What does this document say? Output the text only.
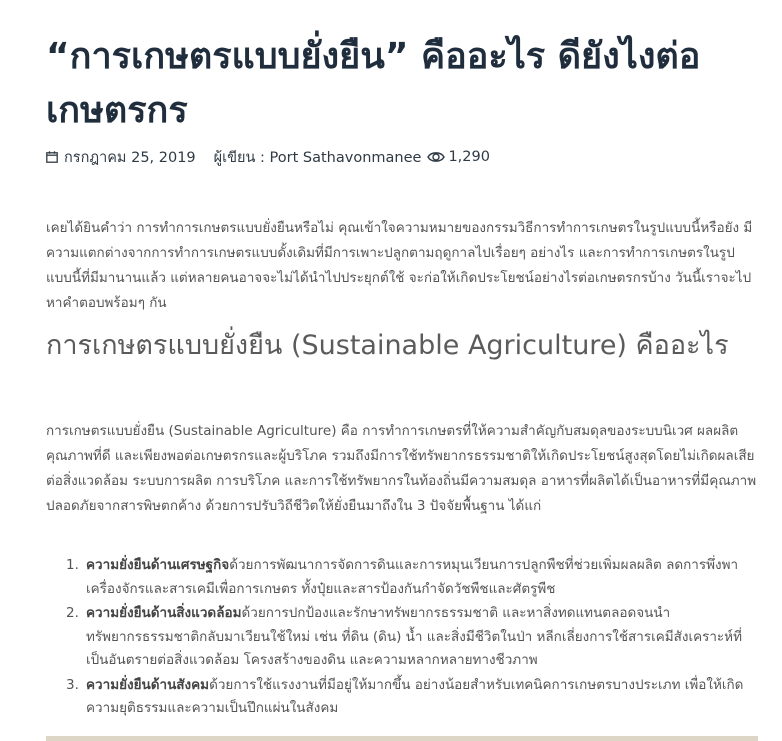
“การเกษตรแบบยั่งยืน” คืออะไร ดียังไงต่อเกษตรกร
กรกฎาคม 25, 2019 ผู้เขียน : Port Sathavonmanee 1,290

เคยได้ยินคำว่า การทำการเกษตรแบบยั่งยืนหรือไม่ คุณเข้าใจความหมายของกรรมวิธีการทำการเกษตรในรูปแบบนี้หรือยัง มีความแตกต่างจากการทำการเกษตรแบบดั้งเดิมที่มีการเพาะปลูกตามฤดูกาลไปเรื่อยๆ อย่างไร และการทำการเกษตรในรูปแบบนี้ที่มีมานานแล้ว แต่หลายคนอาจจะไม่ได้นำไปประยุกต์ใช้ จะก่อให้เกิดประโยชน์อย่างไรต่อเกษตรกรบ้าง วันนี้เราจะไปหาคำตอบพร้อมๆ กัน

การเกษตรแบบยั่งยืน (Sustainable Agriculture) คืออะไร

การเกษตรแบบยั่งยืน (Sustainable Agriculture) คือ การทำการเกษตรที่ให้ความสำคัญกับสมดุลของระบบนิเวศ ผลผลิต คุณภาพที่ดี และเพียงพอต่อเกษตรกรและผู้บริโภค รวมถึงมีการใช้ทรัพยากรธรรมชาติให้เกิดประโยชน์สูงสุดโดยไม่เกิดผลเสียต่อสิ่งแวดล้อม ระบบการผลิต การบริโภค และการใช้ทรัพยากรในท้องถิ่นมีความสมดุล อาหารที่ผลิตได้เป็นอาหารที่มีคุณภาพปลอดภัยจากสารพิษตกค้าง ด้วยการปรับวิถีชีวิตให้ยั่งยืนมาถึงใน 3 ปัจจัยพื้นฐาน ได้แก่

1. ความยั่งยืนด้านเศรษฐกิจด้วยการพัฒนาการจัดการดินและการหมุนเวียนการปลูกพืชที่ช่วยเพิ่มผลผลิต ลดการพึ่งพาเครื่องจักรและสารเคมีเพื่อการเกษตร ทั้งปุ๋ยและสารป้องกันกำจัดวัชพืชและศัตรูพืช
2. ความยั่งยืนด้านสิ่งแวดล้อมด้วยการปกป้องและรักษาทรัพยากรธรรมชาติ และหาสิ่งทดแทนตลอดจนนำทรัพยากรธรรมชาติกลับมาเวียนใช้ใหม่ เช่น ที่ดิน (ดิน) น้ำ และสิ่งมีชีวิตในป่า หลีกเลี่ยงการใช้สารเคมีสังเคราะห์ที่เป็นอันตรายต่อสิ่งแวดล้อม โครงสร้างของดิน และความหลากหลายทางชีวภาพ
3. ความยั่งยืนด้านสังคมด้วยการใช้แรงงานที่มีอยู่ให้มากขึ้น อย่างน้อยสำหรับเทคนิคการเกษตรบางประเภท เพื่อให้เกิดความยุติธรรมและความเป็นปึกแผ่นในสังคม
